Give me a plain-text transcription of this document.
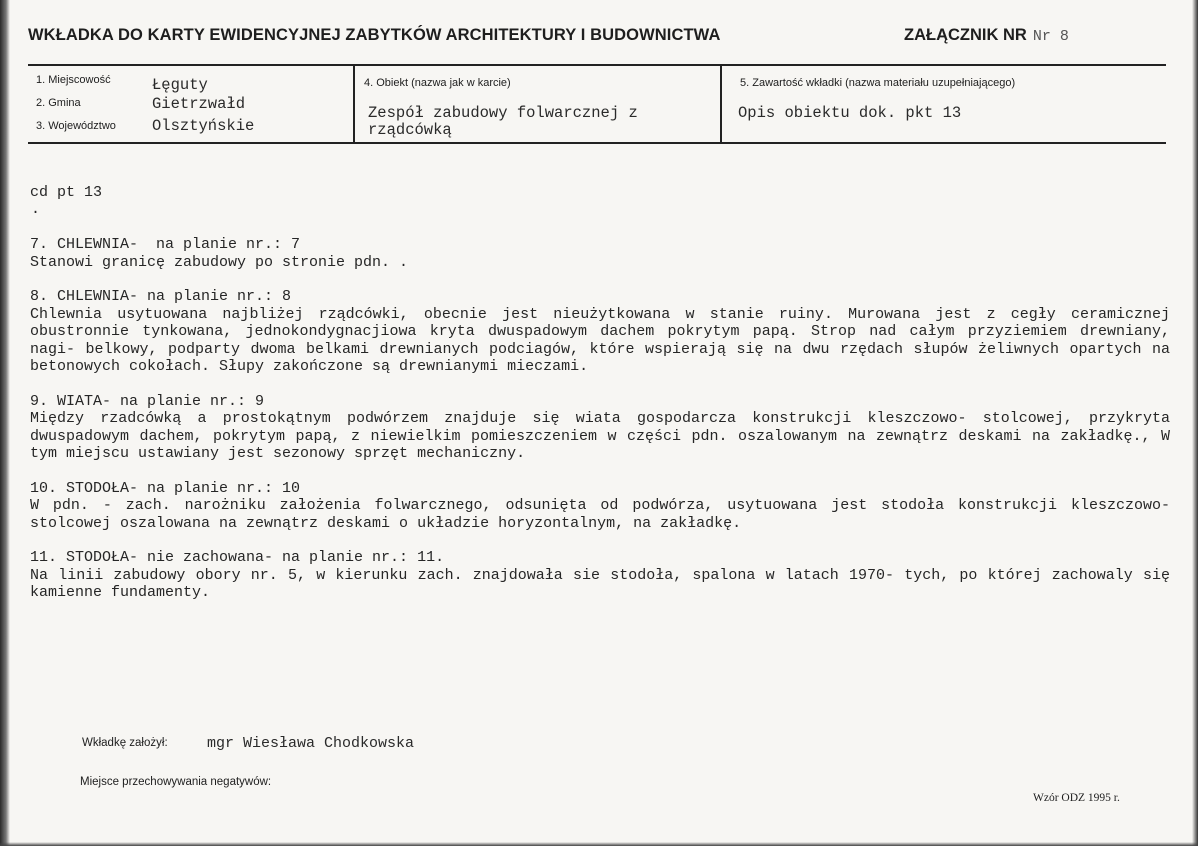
WKŁADKA DO KARTY EWIDENCYJNEJ ZABYTKÓW ARCHITEKTURY I BUDOWNICTWA	ZAŁĄCZNIK NR Nr 8
1. Miejscowość	Łęguty
2. Gmina	Gietrzwałd
3. Województwo Olsztyńskie
4. Obiekt (nazwa jak w karcie)
Zespół zabudowy folwarcznej z rządcówką
5. Zawartość wkładki (nazwa materiału uzupełniającego)
Opis obiektu dok. pkt 13

cd pt 13

.

7. CHLEWNIA-  na planie nr.: 7

Stanowi granicę zabudowy po stronie pdn. .

8. CHLEWNIA- na planie nr.: 8

Chlewnia usytuowana najbliżej rządcówki, obecnie jest nieużytkowana w stanie ruiny. Murowana jest z cegły ceramicznej obustronnie tynkowana, jednokondygnacjiowa kryta dwuspadowym dachem pokrytym papą. Strop nad całym przyziemiem drewniany, nagi- belkowy, podparty dwoma belkami drewnianych podciagów, które wspierają się na dwu rzędach słupów żeliwnych opartych na betonowych cokołach. Słupy zakończone są drewnianymi mieczami.

9. WIATA- na planie nr.: 9

Między rzadcówką a prostokątnym podwórzem znajduje się wiata gospodarcza konstrukcji kleszczowo- stolcowej, przykryta dwuspadowym dachem, pokrytym papą, z niewielkim pomieszczeniem w części pdn. oszalowanym na zewnątrz deskami na zakładkę., W tym miejscu ustawiany jest sezonowy sprzęt mechaniczny.

10. STODOŁA- na planie nr.: 10

W pdn. - zach. narożniku założenia folwarcznego, odsunięta od podwórza, usytuowana jest stodoła konstrukcji kleszczowo- stolcowej oszalowana na zewnątrz deskami o układzie horyzontalnym, na zakładkę.

11. STODOŁA- nie zachowana- na planie nr.: 11.

Na linii zabudowy obory nr. 5, w kierunku zach. znajdowała sie stodoła, spalona w latach 1970- tych, po której zachowaly się kamienne fundamenty.

Wkładkę założył:	mgr Wiesława Chodkowska
Miejsce przechowywania negatywów:
Wzór ODZ 1995 r.
